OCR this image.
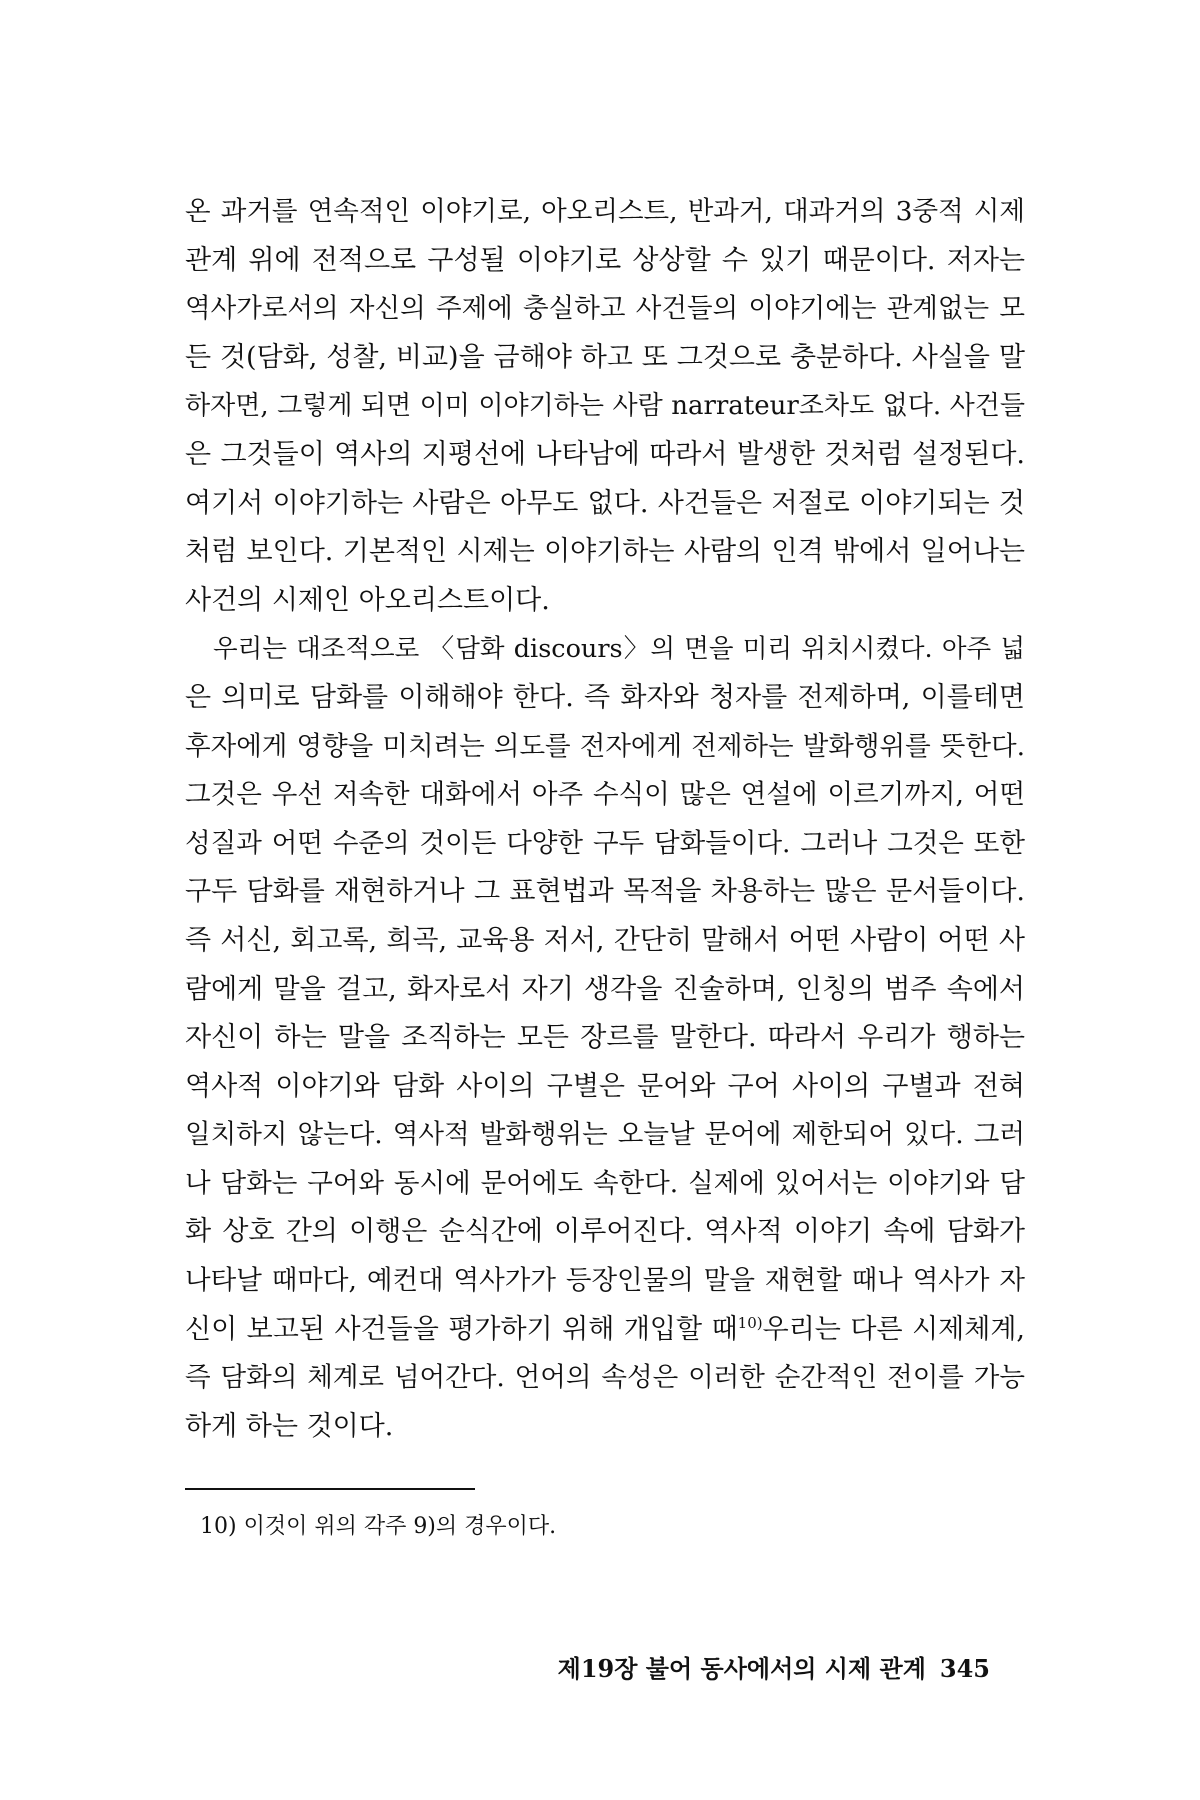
온 과거를 연속적인 이야기로, 아오리스트, 반과거, 대과거의 3중적 시제
관계 위에 전적으로 구성될 이야기로 상상할 수 있기 때문이다. 저자는
역사가로서의 자신의 주제에 충실하고 사건들의 이야기에는 관계없는 모
든 것(담화, 성찰, 비교)을 금해야 하고 또 그것으로 충분하다. 사실을 말
하자면, 그렇게 되면 이미 이야기하는 사람 narrateur조차도 없다. 사건들
은 그것들이 역사의 지평선에 나타남에 따라서 발생한 것처럼 설정된다.
여기서 이야기하는 사람은 아무도 없다. 사건들은 저절로 이야기되는 것
처럼 보인다. 기본적인 시제는 이야기하는 사람의 인격 밖에서 일어나는
사건의 시제인 아오리스트이다.
우리는 대조적으로 〈담화 discours〉의 면을 미리 위치시켰다. 아주 넓
은 의미로 담화를 이해해야 한다. 즉 화자와 청자를 전제하며, 이를테면
후자에게 영향을 미치려는 의도를 전자에게 전제하는 발화행위를 뜻한다.
그것은 우선 저속한 대화에서 아주 수식이 많은 연설에 이르기까지, 어떤
성질과 어떤 수준의 것이든 다양한 구두 담화들이다. 그러나 그것은 또한
구두 담화를 재현하거나 그 표현법과 목적을 차용하는 많은 문서들이다.
즉 서신, 회고록, 희곡, 교육용 저서, 간단히 말해서 어떤 사람이 어떤 사
람에게 말을 걸고, 화자로서 자기 생각을 진술하며, 인칭의 범주 속에서
자신이 하는 말을 조직하는 모든 장르를 말한다. 따라서 우리가 행하는
역사적 이야기와 담화 사이의 구별은 문어와 구어 사이의 구별과 전혀
일치하지 않는다. 역사적 발화행위는 오늘날 문어에 제한되어 있다. 그러
나 담화는 구어와 동시에 문어에도 속한다. 실제에 있어서는 이야기와 담
화 상호 간의 이행은 순식간에 이루어진다. 역사적 이야기 속에 담화가
나타날 때마다, 예컨대 역사가가 등장인물의 말을 재현할 때나 역사가 자
신이 보고된 사건들을 평가하기 위해 개입할 때$^{10)}$우리는 다른 시제체계,
즉 담화의 체계로 넘어간다. 언어의 속성은 이러한 순간적인 전이를 가능
하게 하는 것이다.
10) 이것이 위의 각주 9)의 경우이다.
제19장 불어 동사에서의 시제 관계 345
